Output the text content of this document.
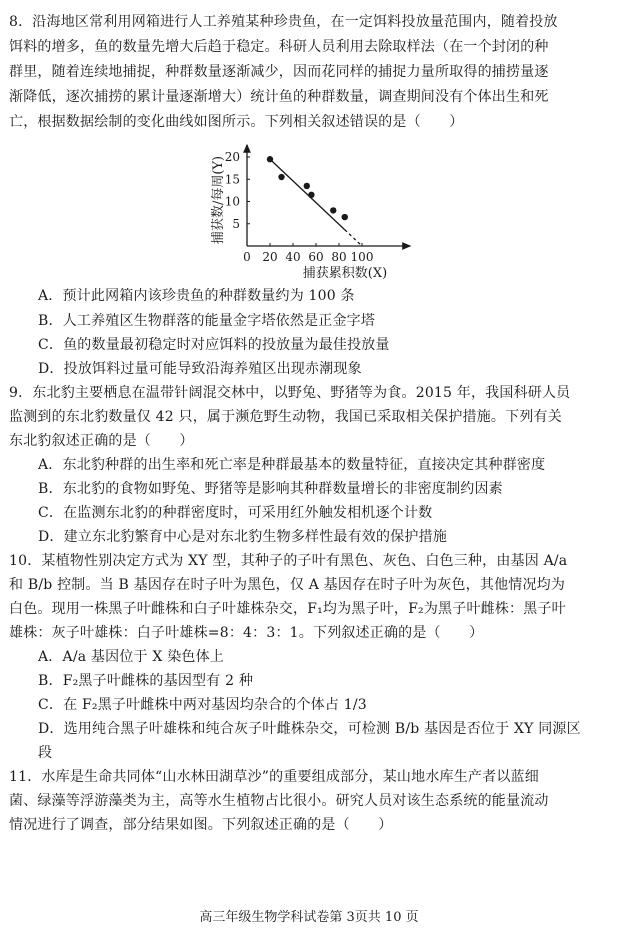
8．沿海地区常利用网箱进行人工养殖某种珍贵鱼，在一定饵料投放量范围内，随着投放
饵料的增多，鱼的数量先增大后趋于稳定。科研人员利用去除取样法（在一个封闭的种
群里，随着连续地捕捉，种群数量逐渐减少，因而花同样的捕捉力量所取得的捕捞量逐
渐降低，逐次捕捞的累计量逐渐增大）统计鱼的种群数量，调查期间没有个体出生和死
亡，根据数据绘制的变化曲线如图所示。下列相关叙述错误的是（　　）
0 20 40 60 80 100
5
10
15
20
捕获数/每周(Y)
捕获累积数(X)
A．预计此网箱内该珍贵鱼的种群数量约为 100 条
B．人工养殖区生物群落的能量金字塔依然是正金字塔
C．鱼的数量最初稳定时对应饵料的投放量为最佳投放量
D．投放饵料过量可能导致沿海养殖区出现赤潮现象
9．东北豹主要栖息在温带针阔混交林中，以野兔、野猪等为食。2015 年，我国科研人员
监测到的东北豹数量仅 42 只，属于濒危野生动物，我国已采取相关保护措施。下列有关
东北豹叙述正确的是（　　）
A．东北豹种群的出生率和死亡率是种群最基本的数量特征，直接决定其种群密度
B．东北豹的食物如野兔、野猪等是影响其种群数量增长的非密度制约因素
C．在监测东北豹的种群密度时，可采用红外触发相机逐个计数
D．建立东北豹繁育中心是对东北豹生物多样性最有效的保护措施
10．某植物性别决定方式为 XY 型，其种子的子叶有黑色、灰色、白色三种，由基因 A/a
和 B/b 控制。当 B 基因存在时子叶为黑色，仅 A 基因存在时子叶为灰色，其他情况均为
白色。现用一株黑子叶雌株和白子叶雄株杂交，F₁均为黑子叶，F₂为黑子叶雌株：黑子叶
雄株：灰子叶雄株：白子叶雄株=8：4：3：1。下列叙述正确的是（　　）
A．A/a 基因位于 X 染色体上
B．F₂黑子叶雌株的基因型有 2 种
C．在 F₂黑子叶雌株中两对基因均杂合的个体占 1/3
D．选用纯合黑子叶雄株和纯合灰子叶雌株杂交，可检测 B/b 基因是否位于 XY 同源区
段
11．水库是生命共同体“山水林田湖草沙”的重要组成部分，某山地水库生产者以蓝细
菌、绿藻等浮游藻类为主，高等水生植物占比很小。研究人员对该生态系统的能量流动
情况进行了调查，部分结果如图。下列叙述正确的是（　　）
高三年级生物学科试卷第 3页共 10 页
